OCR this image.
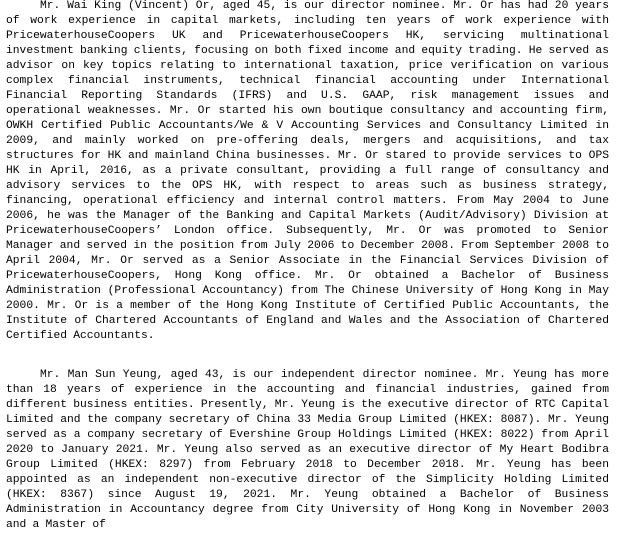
Mr. Wai King (Vincent) Or, aged 45, is our director nominee. Mr. Or has had 20 years of work experience in capital markets, including ten years of work experience with PricewaterhouseCoopers UK and PricewaterhouseCoopers HK, servicing multinational investment banking clients, focusing on both fixed income and equity trading. He served as advisor on key topics relating to international taxation, price verification on various complex financial instruments, technical financial accounting under International Financial Reporting Standards (IFRS) and U.S. GAAP, risk management issues and operational weaknesses. Mr. Or started his own boutique consultancy and accounting firm, OWKH Certified Public Accountants/We & V Accounting Services and Consultancy Limited in 2009, and mainly worked on pre-offering deals, mergers and acquisitions, and tax structures for HK and mainland China businesses. Mr. Or stared to provide services to OPS HK in April, 2016, as a private consultant, providing a full range of consultancy and advisory services to the OPS HK, with respect to areas such as business strategy, financing, operational efficiency and internal control matters. From May 2004 to June 2006, he was the Manager of the Banking and Capital Markets (Audit/Advisory) Division at PricewaterhouseCoopers’ London office. Subsequently, Mr. Or was promoted to Senior Manager and served in the position from July 2006 to December 2008. From September 2008 to April 2004, Mr. Or served as a Senior Associate in the Financial Services Division of PricewaterhouseCoopers, Hong Kong office. Mr. Or obtained a Bachelor of Business Administration (Professional Accountancy) from The Chinese University of Hong Kong in May 2000. Mr. Or is a member of the Hong Kong Institute of Certified Public Accountants, the Institute of Chartered Accountants of England and Wales and the Association of Chartered Certified Accountants.

Mr. Man Sun Yeung, aged 43, is our independent director nominee. Mr. Yeung has more than 18 years of experience in the accounting and financial industries, gained from different business entities. Presently, Mr. Yeung is the executive director of RTC Capital Limited and the company secretary of China 33 Media Group Limited (HKEX: 8087). Mr. Yeung served as a company secretary of Evershine Group Holdings Limited (HKEX: 8022) from April 2020 to January 2021. Mr. Yeung also served as an executive director of My Heart Bodibra Group Limited (HKEX: 8297) from February 2018 to December 2018. Mr. Yeung has been appointed as an independent non-executive director of the Simplicity Holding Limited (HKEX: 8367) since August 19, 2021. Mr. Yeung obtained a Bachelor of Business Administration in Accountancy degree from City University of Hong Kong in November 2003 and a Master of
